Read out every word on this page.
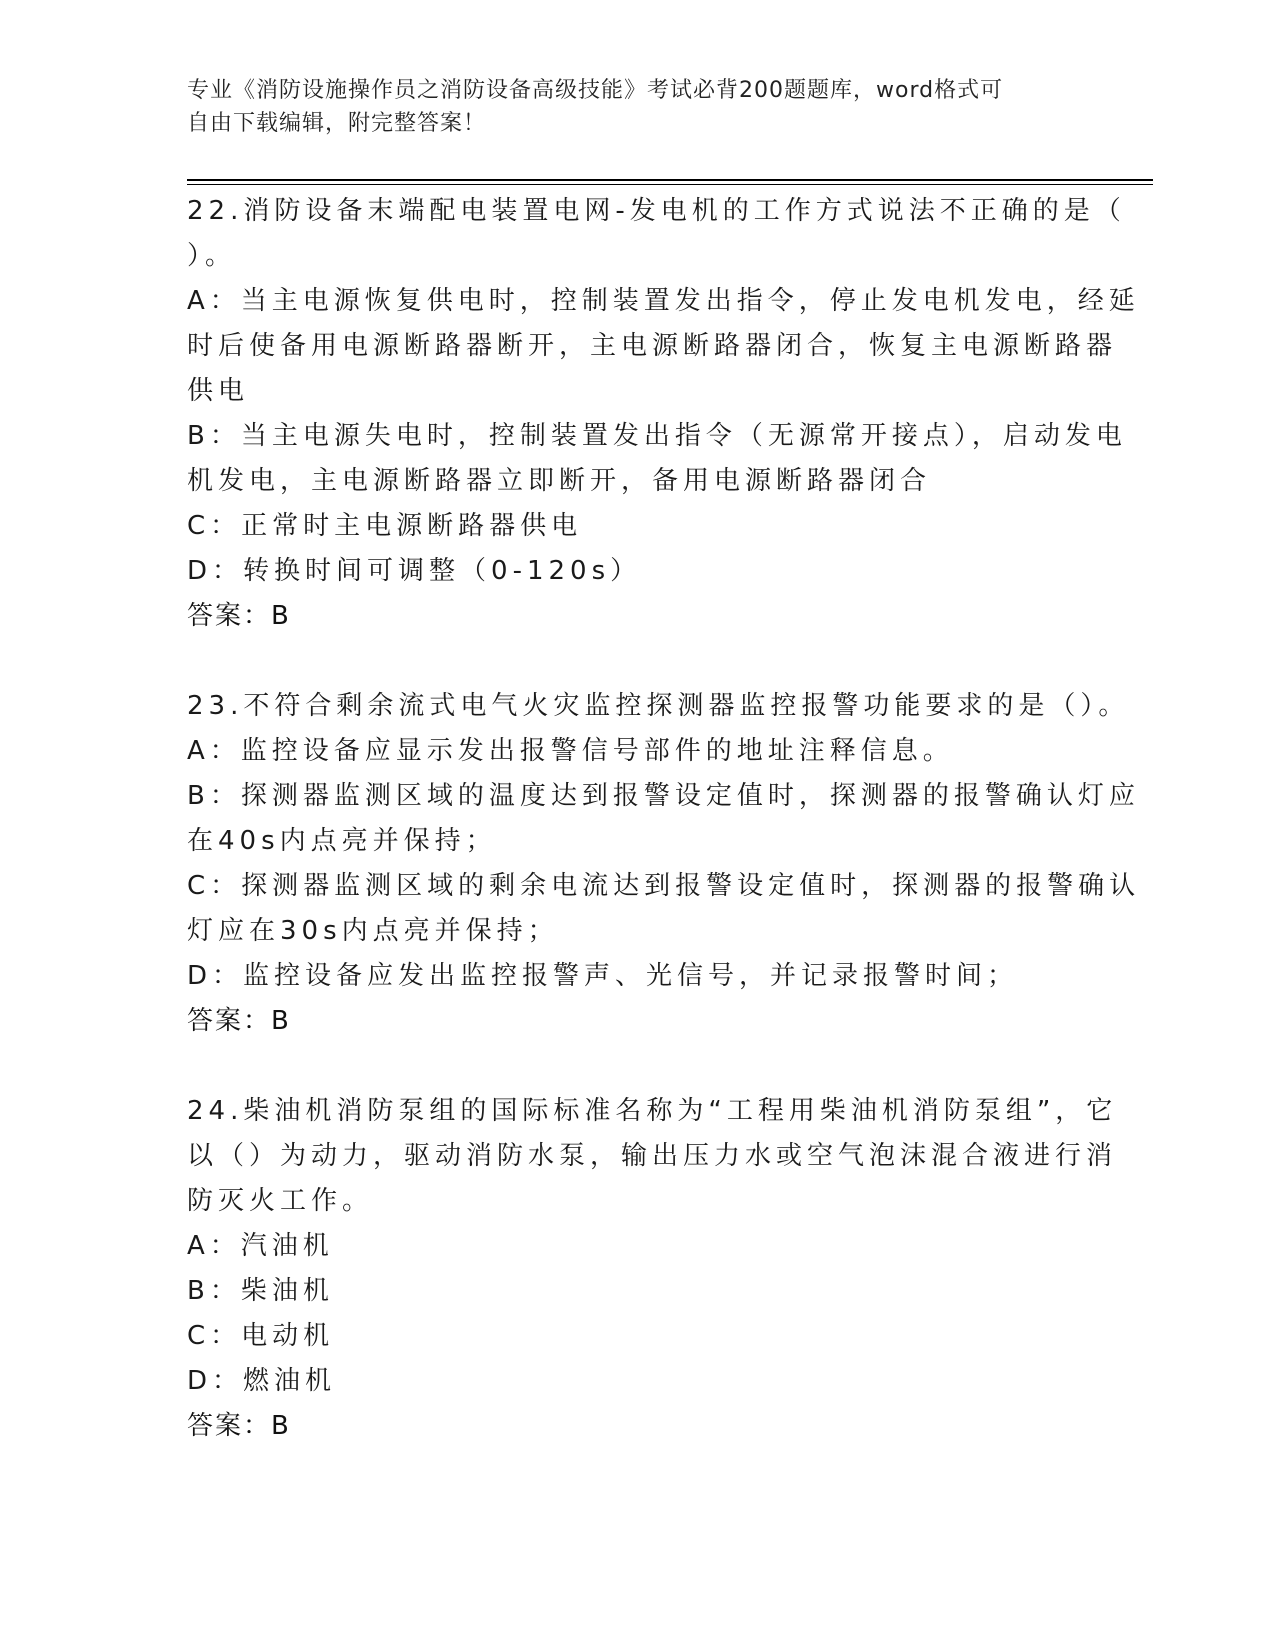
专业《消防设施操作员之消防设备高级技能》考试必背200题题库，word格式可
自由下载编辑，附完整答案！
22.消防设备末端配电装置电网-发电机的工作方式说法不正确的是（
）。
A：当主电源恢复供电时，控制装置发出指令，停止发电机发电，经延
时后使备用电源断路器断开，主电源断路器闭合，恢复主电源断路器
供电
B：当主电源失电时，控制装置发出指令（无源常开接点），启动发电
机发电，主电源断路器立即断开，备用电源断路器闭合
C：正常时主电源断路器供电
D：转换时间可调整（0-120s）
答案：B
23.不符合剩余流式电气火灾监控探测器监控报警功能要求的是（）。
A：监控设备应显示发出报警信号部件的地址注释信息。
B：探测器监测区域的温度达到报警设定值时，探测器的报警确认灯应
在40s内点亮并保持；
C：探测器监测区域的剩余电流达到报警设定值时，探测器的报警确认
灯应在30s内点亮并保持；
D：监控设备应发出监控报警声、光信号，并记录报警时间；
答案：B
24.柴油机消防泵组的国际标准名称为“工程用柴油机消防泵组”，它
以（）为动力，驱动消防水泵，输出压力水或空气泡沫混合液进行消
防灭火工作。
A：汽油机
B：柴油机
C：电动机
D：燃油机
答案：B
